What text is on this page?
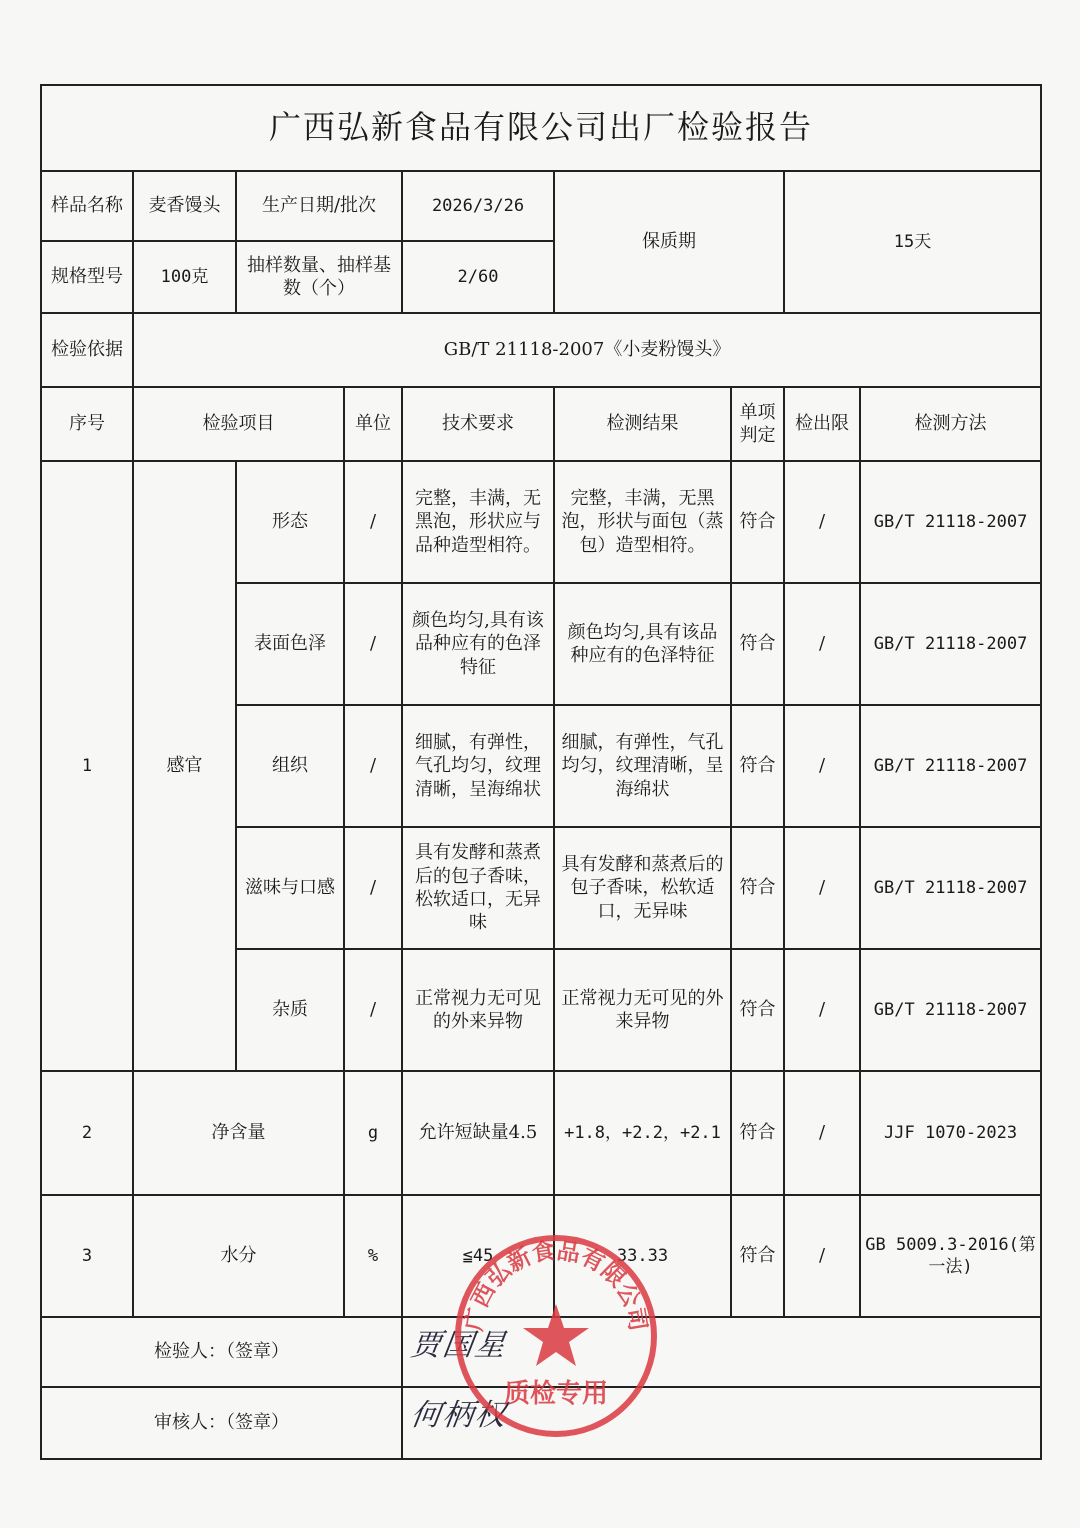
广西弘新食品有限公司出厂检验报告								
样品名称	麦香馒头	生产日期/批次		2026/3/26	保质期		15天	
规格型号	100克	抽样数量、抽样基数（个）		2/60				
检验依据	GB/T 21118-2007《小麦粉馒头》							
序号	检验项目		单位	技术要求	检测结果	单项判定	检出限	检测方法
1	感官	形态	/	完整，丰满，无黑泡，形状应与品种造型相符。	完整，丰满，无黑泡，形状与面包（蒸包）造型相符。	符合	/	GB/T 21118-2007
		表面色泽	/	颜色均匀,具有该品种应有的色泽特征	颜色均匀,具有该品种应有的色泽特征	符合	/	GB/T 21118-2007
		组织	/	细腻，有弹性，气孔均匀，纹理清晰，呈海绵状	细腻，有弹性，气孔均匀，纹理清晰，呈海绵状	符合	/	GB/T 21118-2007
		滋味与口感	/	具有发酵和蒸煮后的包子香味，松软适口，无异味	具有发酵和蒸煮后的包子香味，松软适口，无异味	符合	/	GB/T 21118-2007
		杂质	/	正常视力无可见的外来异物	正常视力无可见的外来异物	符合	/	GB/T 21118-2007
2	净含量		g	允许短缺量4.5	+1.8，+2.2，+2.1	符合	/	JJF 1070-2023
3	水分		%	≦45	33.33	符合	/	GB 5009.3-2016(第一法)
检验人：（签章）				贾国星				

审核人：（签章）				何柄权				
广西弘新食品有限公司
质检专用
